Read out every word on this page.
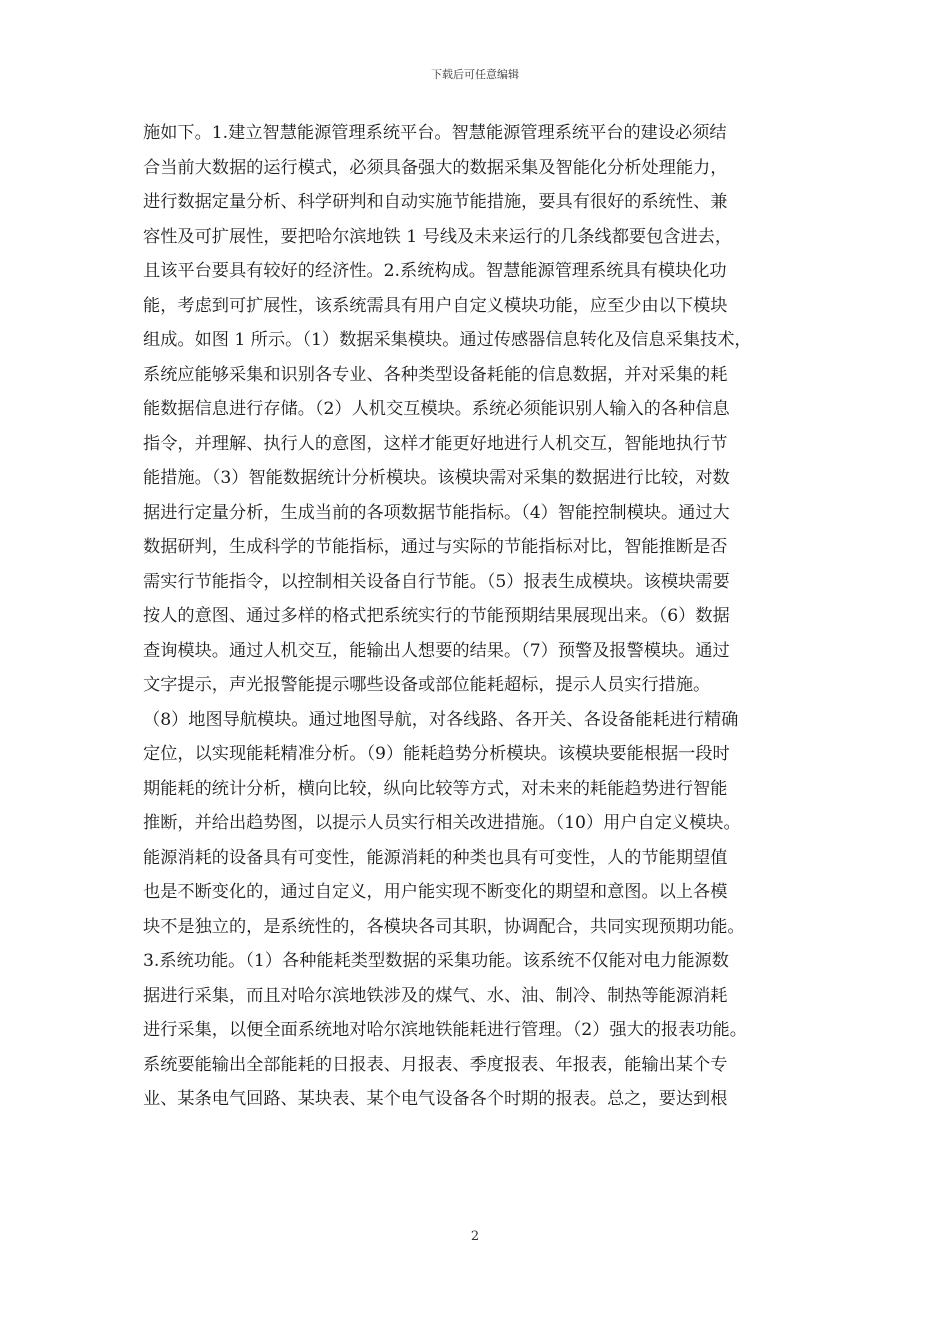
下载后可任意编辑
施如下。1.建立智慧能源管理系统平台。智慧能源管理系统平台的建设必须结
合当前大数据的运行模式，必须具备强大的数据采集及智能化分析处理能力，
进行数据定量分析、科学研判和自动实施节能措施，要具有很好的系统性、兼
容性及可扩展性，要把哈尔滨地铁 1 号线及未来运行的几条线都要包含进去，
且该平台要具有较好的经济性。2.系统构成。智慧能源管理系统具有模块化功
能，考虑到可扩展性，该系统需具有用户自定义模块功能，应至少由以下模块
组成。如图 1 所示。（1）数据采集模块。通过传感器信息转化及信息采集技术，
系统应能够采集和识别各专业、各种类型设备耗能的信息数据，并对采集的耗
能数据信息进行存储。（2）人机交互模块。系统必须能识别人输入的各种信息
指令，并理解、执行人的意图，这样才能更好地进行人机交互，智能地执行节
能措施。（3）智能数据统计分析模块。该模块需对采集的数据进行比较，对数
据进行定量分析，生成当前的各项数据节能指标。（4）智能控制模块。通过大
数据研判，生成科学的节能指标，通过与实际的节能指标对比，智能推断是否
需实行节能指令，以控制相关设备自行节能。（5）报表生成模块。该模块需要
按人的意图、通过多样的格式把系统实行的节能预期结果展现出来。（6）数据
查询模块。通过人机交互，能输出人想要的结果。（7）预警及报警模块。通过
文字提示，声光报警能提示哪些设备或部位能耗超标，提示人员实行措施。
（8）地图导航模块。通过地图导航，对各线路、各开关、各设备能耗进行精确
定位，以实现能耗精准分析。（9）能耗趋势分析模块。该模块要能根据一段时
期能耗的统计分析，横向比较，纵向比较等方式，对未来的耗能趋势进行智能
推断，并给出趋势图，以提示人员实行相关改进措施。（10）用户自定义模块。
能源消耗的设备具有可变性，能源消耗的种类也具有可变性，人的节能期望值
也是不断变化的，通过自定义，用户能实现不断变化的期望和意图。以上各模
块不是独立的，是系统性的，各模块各司其职，协调配合，共同实现预期功能。
3.系统功能。（1）各种能耗类型数据的采集功能。该系统不仅能对电力能源数
据进行采集，而且对哈尔滨地铁涉及的煤气、水、油、制冷、制热等能源消耗
进行采集，以便全面系统地对哈尔滨地铁能耗进行管理。（2）强大的报表功能。
系统要能输出全部能耗的日报表、月报表、季度报表、年报表，能输出某个专
业、某条电气回路、某块表、某个电气设备各个时期的报表。总之，要达到根
2
